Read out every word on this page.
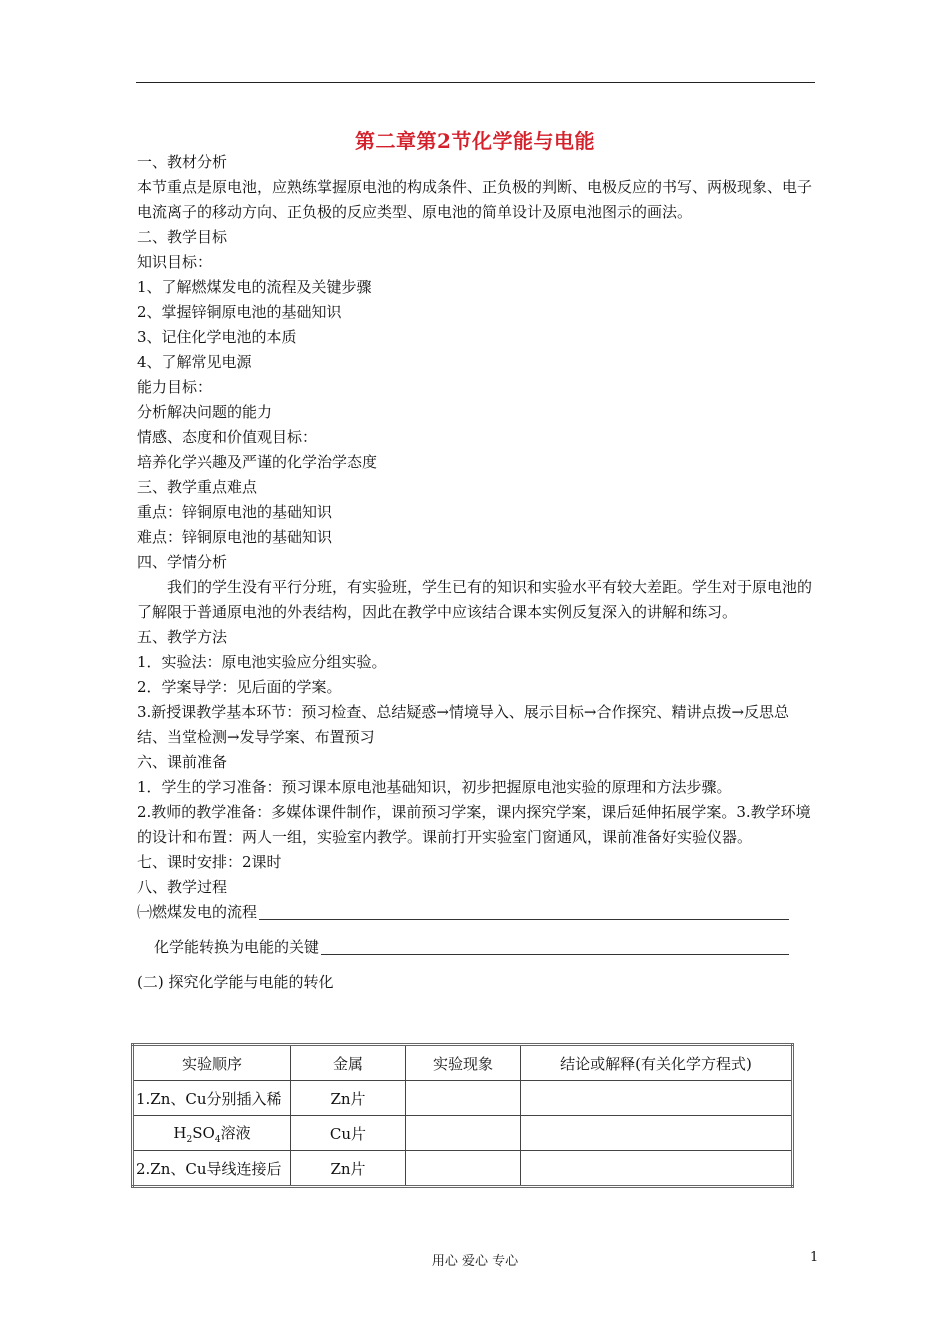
第二章第2节化学能与电能

一、教材分析

本节重点是原电池，应熟练掌握原电池的构成条件、正负极的判断、电极反应的书写、两极现象、电子电流离子的移动方向、正负极的反应类型、原电池的简单设计及原电池图示的画法。

二、教学目标

知识目标：

1、了解燃煤发电的流程及关键步骤

2、掌握锌铜原电池的基础知识

3、记住化学电池的本质

4、了解常见电源

能力目标：

分析解决问题的能力

情感、态度和价值观目标：

培养化学兴趣及严谨的化学治学态度

三、教学重点难点

重点：锌铜原电池的基础知识

难点：锌铜原电池的基础知识

四、学情分析

我们的学生没有平行分班，有实验班，学生已有的知识和实验水平有较大差距。学生对于原电池的了解限于普通原电池的外表结构，因此在教学中应该结合课本实例反复深入的讲解和练习。

五、教学方法

1．实验法：原电池实验应分组实验。

2．学案导学：见后面的学案。

3.新授课教学基本环节：预习检查、总结疑惑→情境导入、展示目标→合作探究、精讲点拨→反思总结、当堂检测→发导学案、布置预习

六、课前准备

1．学生的学习准备：预习课本原电池基础知识，初步把握原电池实验的原理和方法步骤。

2.教师的教学准备：多媒体课件制作，课前预习学案，课内探究学案，课后延伸拓展学案。3.教学环境的设计和布置：两人一组，实验室内教学。课前打开实验室门窗通风，课前准备好实验仪器。

七、课时安排：2课时

八、教学过程

㈠燃煤发电的流程
化学能转换为电能的关键

(二) 探究化学能与电能的转化

实验顺序	金属	实验现象	结论或解释(有关化学方程式)
1.Zn、Cu分别插入稀	Zn片		
$H_2SO_4$溶液	Cu片		
2.Zn、Cu导线连接后	Zn片		
用心 爱心 专心	1
